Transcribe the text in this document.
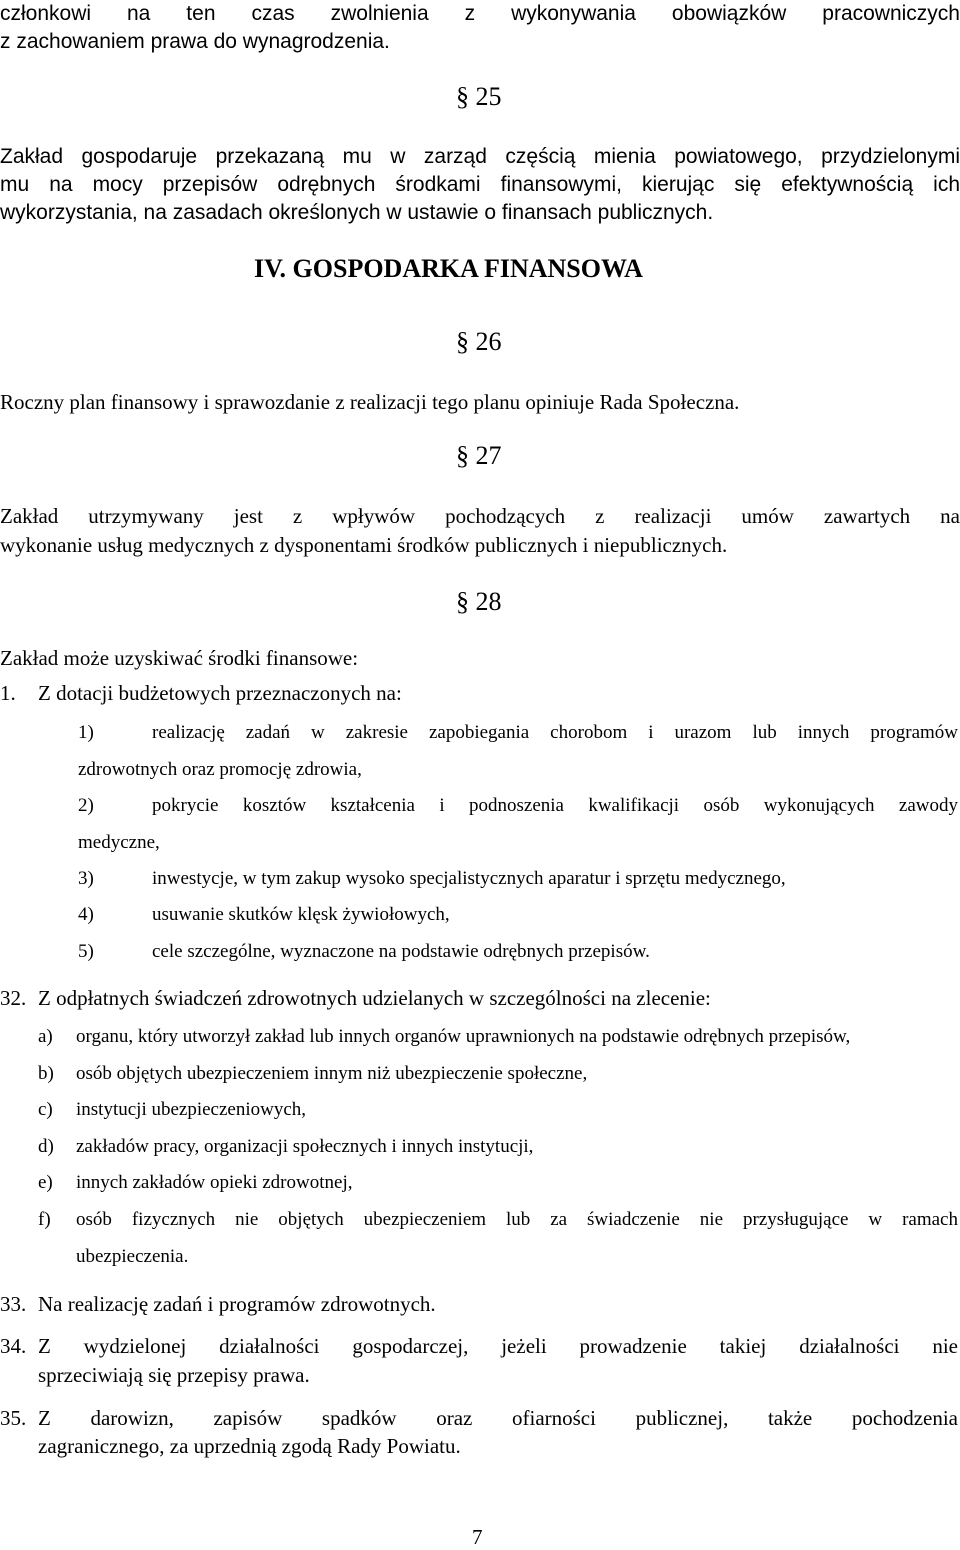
członkowi na ten czas zwolnienia z wykonywania obowiązków pracowniczych
z zachowaniem prawa do wynagrodzenia.
§ 25
Zakład gospodaruje przekazaną mu w zarząd częścią mienia powiatowego, przydzielonymi
mu na mocy przepisów odrębnych środkami finansowymi, kierując się efektywnością ich
wykorzystania, na zasadach określonych w ustawie o finansach publicznych.
IV. GOSPODARKA FINANSOWA
§ 26
Roczny plan finansowy i sprawozdanie z realizacji tego planu opiniuje Rada Społeczna.
§ 27
Zakład utrzymywany jest z wpływów pochodzących z realizacji umów zawartych na
wykonanie usług medycznych z dysponentami środków publicznych i niepublicznych.
§ 28
Zakład może uzyskiwać środki finansowe:
1. Z dotacji budżetowych przeznaczonych na:
1)	realizację zadań w zakresie zapobiegania chorobom i urazom lub innych programów
zdrowotnych oraz promocję zdrowia,
2)	pokrycie kosztów kształcenia i podnoszenia kwalifikacji osób wykonujących zawody
medyczne,
3)	inwestycje, w tym zakup wysoko specjalistycznych aparatur i sprzętu medycznego,
4)	usuwanie skutków klęsk żywiołowych,
5)	cele szczególne, wyznaczone na podstawie odrębnych przepisów.
32. Z odpłatnych świadczeń zdrowotnych udzielanych w szczególności na zlecenie:
a) organu, który utworzył zakład lub innych organów uprawnionych na podstawie odrębnych przepisów,
b) osób objętych ubezpieczeniem innym niż ubezpieczenie społeczne,
c) instytucji ubezpieczeniowych,
d) zakładów pracy, organizacji społecznych i innych instytucji,
e) innych zakładów opieki zdrowotnej,
f) osób fizycznych nie objętych ubezpieczeniem lub za świadczenie nie przysługujące w ramach
ubezpieczenia.
33. Na realizację zadań i programów zdrowotnych.
34. Z wydzielonej działalności gospodarczej, jeżeli prowadzenie takiej działalności nie
sprzeciwiają się przepisy prawa.
35. Z darowizn, zapisów spadków oraz ofiarności publicznej, także pochodzenia
zagranicznego, za uprzednią zgodą Rady Powiatu.
7
